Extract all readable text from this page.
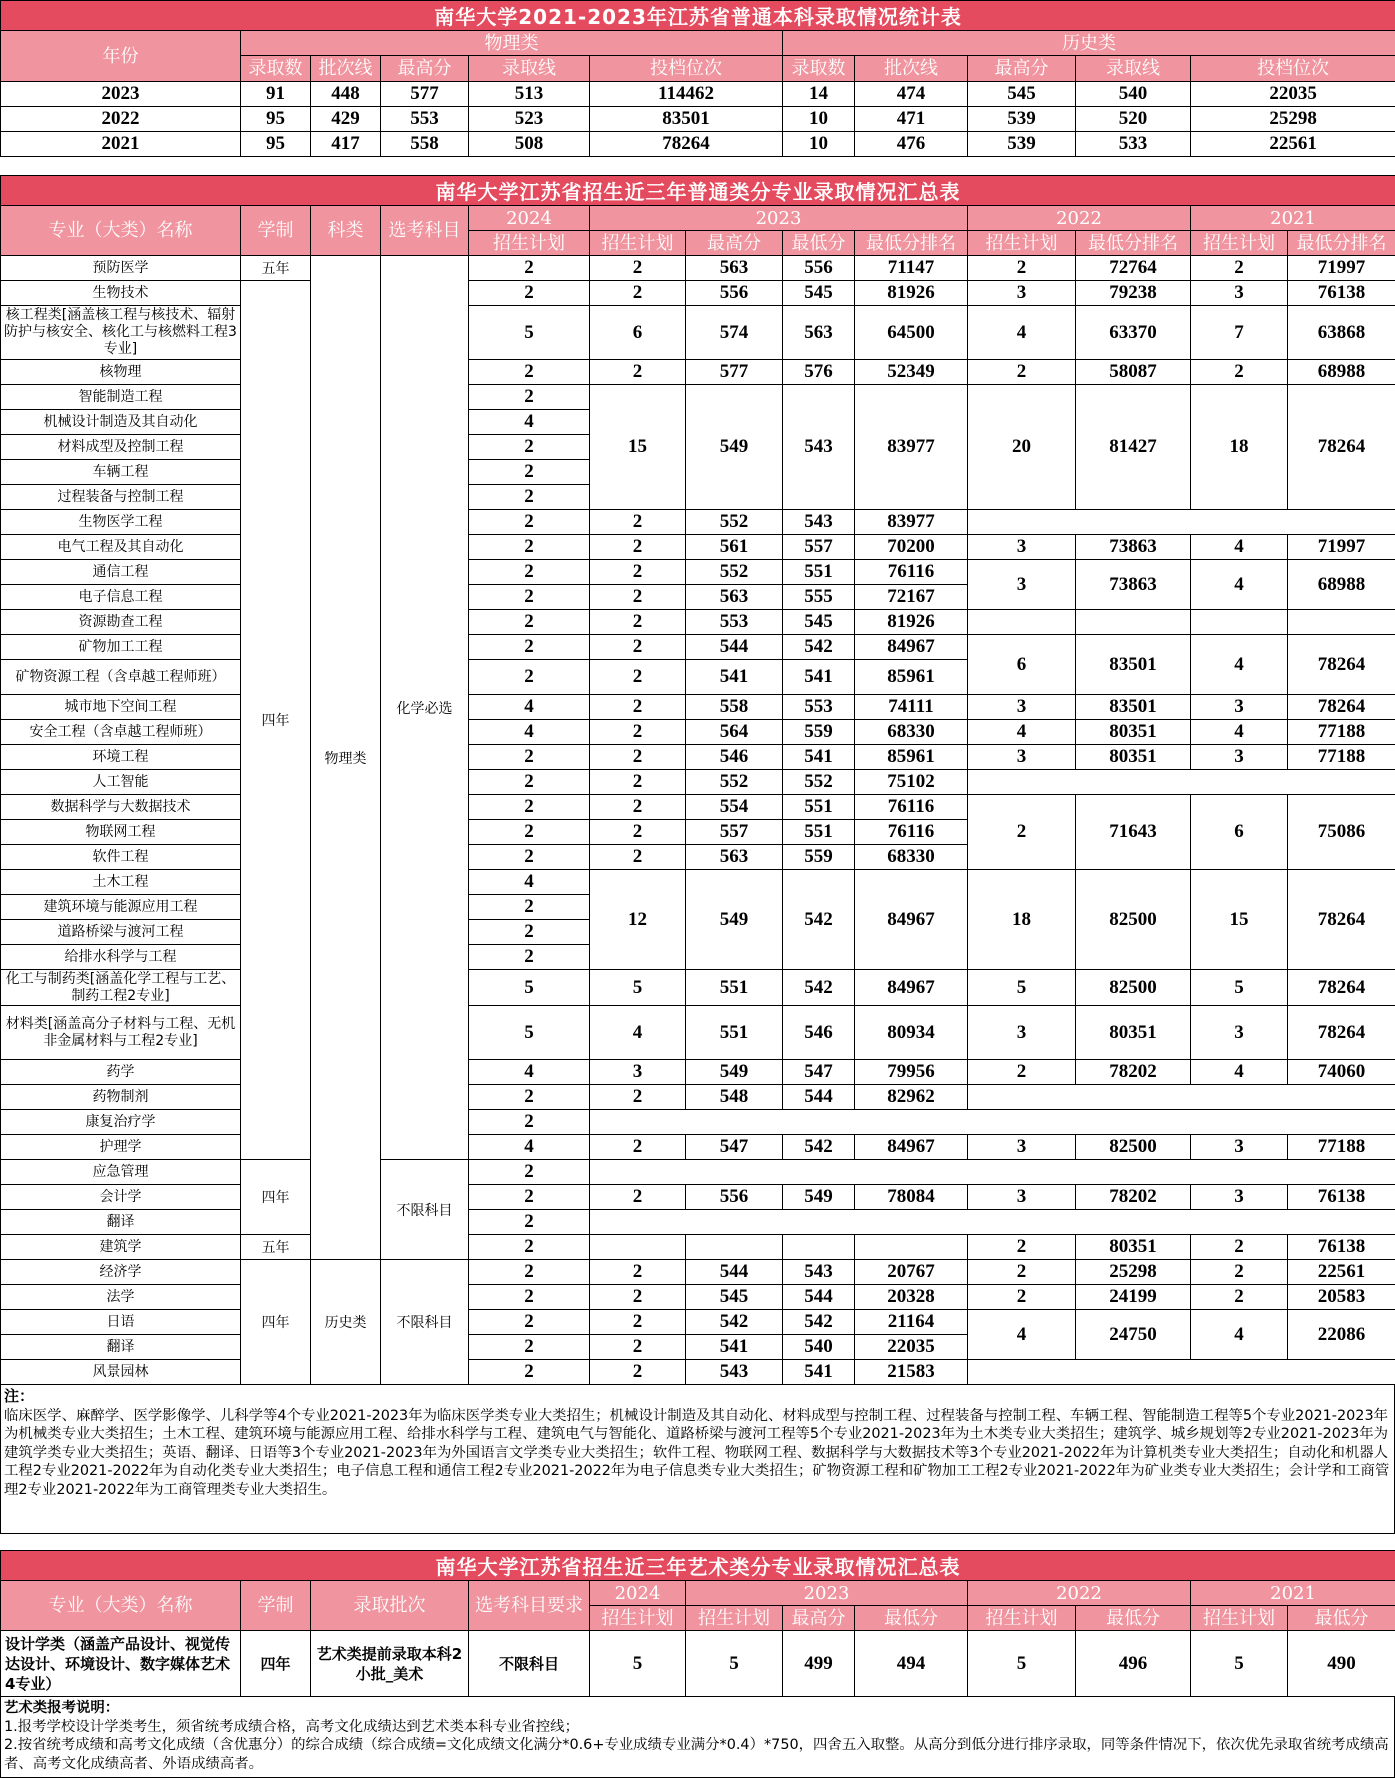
南华大学2021-2023年江苏省普通本科录取情况统计表										
年份	物理类					历史类				
	录取数	批次线	最高分	录取线	投档位次	录取数	批次线	最高分	录取线	投档位次
2023	91	448	577	513	114462	14	474	545	540	22035
2022	95	429	553	523	83501	10	471	539	520	25298
2021	95	417	558	508	78264	10	476	539	533	22561
南华大学江苏省招生近三年普通类分专业录取情况汇总表												
专业（大类）名称	学制	科类	选考科目	2024	2023				2022		2021	
				招生计划	招生计划	最高分	最低分	最低分排名	招生计划	最低分排名	招生计划	最低分排名
预防医学	五年	物理类	化学必选	2	2	563	556	71147	2	72764	2	71997
生物技术	四年			2	2	556	545	81926	3	79238	3	76138
核工程类[涵盖核工程与核技术、辐射防护与核安全、核化工与核燃料工程3专业]				5	6	574	563	64500	4	63370	7	63868
核物理				2	2	577	576	52349	2	58087	2	68988
智能制造工程				2	15	549	543	83977	20	81427	18	78264
机械设计制造及其自动化				4								
材料成型及控制工程				2								
车辆工程				2								
过程装备与控制工程				2								
生物医学工程				2	2	552	543	83977				
电气工程及其自动化				2	2	561	557	70200	3	73863	4	71997
通信工程				2	2	552	551	76116	3	73863	4	68988
电子信息工程				2	2	563	555	72167				
资源勘查工程				2	2	553	545	81926				
矿物加工工程				2	2	544	542	84967	6	83501	4	78264
矿物资源工程（含卓越工程师班）				2	2	541	541	85961				
城市地下空间工程				4	2	558	553	74111	3	83501	3	78264
安全工程（含卓越工程师班）				4	2	564	559	68330	4	80351	4	77188
环境工程				2	2	546	541	85961	3	80351	3	77188
人工智能				2	2	552	552	75102				
数据科学与大数据技术				2	2	554	551	76116	2	71643	6	75086
物联网工程				2	2	557	551	76116				
软件工程				2	2	563	559	68330				
土木工程				4	12	549	542	84967	18	82500	15	78264
建筑环境与能源应用工程				2								
道路桥梁与渡河工程				2								
给排水科学与工程				2								
化工与制药类[涵盖化学工程与工艺、制药工程2专业]				5	5	551	542	84967	5	82500	5	78264
材料类[涵盖高分子材料与工程、无机非金属材料与工程2专业]				5	4	551	546	80934	3	80351	3	78264
药学				4	3	549	547	79956	2	78202	4	74060
药物制剂				2	2	548	544	82962				
康复治疗学				2								
护理学				4	2	547	542	84967	3	82500	3	77188
应急管理	四年		不限科目	2								
会计学				2	2	556	549	78084	3	78202	3	76138
翻译				2								
建筑学	五年			2					2	80351	2	76138
经济学	四年	历史类	不限科目	2	2	544	543	20767	2	25298	2	22561
法学				2	2	545	544	20328	2	24199	2	20583
日语				2	2	542	542	21164	4	24750	4	22086
翻译				2	2	541	540	22035				
风景园林				2	2	543	541	21583				
注：
临床医学、麻醉学、医学影像学、儿科学等4个专业2021-2023年为临床医学类专业大类招生；机械设计制造及其自动化、材料成型与控制工程、过程装备与控制工程、车辆工程、智能制造工程等5个专业2021-2023年为机械类专业大类招生；土木工程、建筑环境与能源应用工程、给排水科学与工程、建筑电气与智能化、道路桥梁与渡河工程等5个专业2021-2023年为土木类专业大类招生；建筑学、城乡规划等2专业2021-2023年为建筑学类专业大类招生；英语、翻译、日语等3个专业2021-2023年为外国语言文学类专业大类招生；软件工程、物联网工程、数据科学与大数据技术等3个专业2021-2022年为计算机类专业大类招生；自动化和机器人工程2专业2021-2022年为自动化类专业大类招生；电子信息工程和通信工程2专业2021-2022年为电子信息类专业大类招生；矿物资源工程和矿物加工工程2专业2021-2022年为矿业类专业大类招生；会计学和工商管理2专业2021-2022年为工商管理类专业大类招生。
南华大学江苏省招生近三年艺术类分专业录取情况汇总表											
专业（大类）名称	学制	录取批次	选考科目要求	2024	2023			2022		2021	
				招生计划	招生计划	最高分	最低分	招生计划	最低分	招生计划	最低分
设计学类（涵盖产品设计、视觉传达设计、环境设计、数字媒体艺术4专业）	四年	艺术类提前录取本科2小批_美术	不限科目	5	5	499	494	5	496	5	490
艺术类报考说明：
1.报考学校设计学类考生，须省统考成绩合格，高考文化成绩达到艺术类本科专业省控线；
2.按省统考成绩和高考文化成绩（含优惠分）的综合成绩（综合成绩=文化成绩文化满分*0.6+专业成绩专业满分*0.4）*750，四舍五入取整。从高分到低分进行排序录取，同等条件情况下，依次优先录取省统考成绩高者、高考文化成绩高者、外语成绩高者。
